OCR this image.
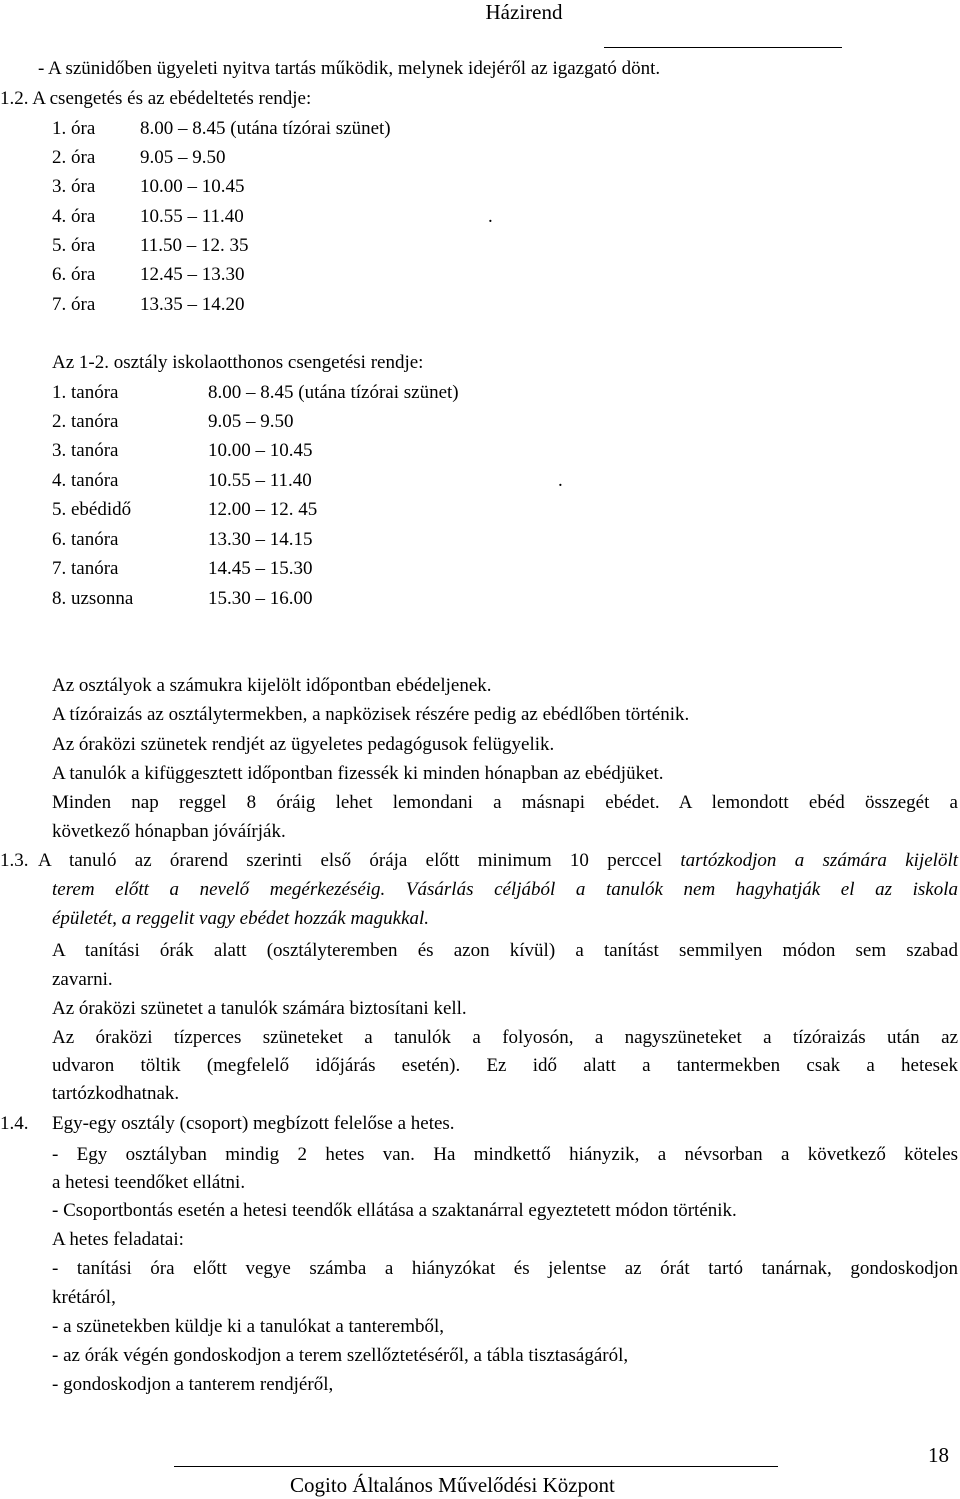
Házirend
- A szünidőben ügyeleti nyitva tartás működik, melynek idejéről az igazgató dönt.
1.2. A csengetés és az ebédeltetés rendje:
1. óra 8.00 – 8.45 (utána tízórai szünet)
2. óra 9.05 – 9.50
3. óra 10.00 – 10.45
4. óra 10.55 – 11.40	.
5. óra 11.50 – 12. 35
6. óra 12.45 – 13.30
7. óra 13.35 – 14.20
Az 1-2. osztály iskolaotthonos csengetési rendje:
1. tanóra	8.00 – 8.45 (utána tízórai szünet)
2. tanóra	9.05 – 9.50
3. tanóra	10.00 – 10.45
4. tanóra	10.55 – 11.40	.
5. ebédidő	12.00 – 12. 45
6. tanóra	13.30 – 14.15
7. tanóra	14.45 – 15.30
8. uzsonna	15.30 – 16.00
Az osztályok a számukra kijelölt időpontban ebédeljenek.
A tízóraizás az osztálytermekben, a napközisek részére pedig az ebédlőben történik.
Az óraközi szünetek rendjét az ügyeletes pedagógusok felügyelik.
A tanulók a kifüggesztett időpontban fizessék ki minden hónapban az ebédjüket.
Minden nap reggel 8 óráig lehet lemondani a másnapi ebédet. A lemondott ebéd összegét a
következő hónapban jóváírják.
1.3. A tanuló az órarend szerinti első órája előtt minimum 10 perccel tartózkodjon a számára kijelölt
terem előtt a nevelő megérkezéséig. Vásárlás céljából a tanulók nem hagyhatják el az iskola
épületét, a reggelit vagy ebédet hozzák magukkal.
A tanítási órák alatt (osztályteremben és azon kívül) a tanítást semmilyen módon sem szabad
zavarni.
Az óraközi szünetet a tanulók számára biztosítani kell.
Az óraközi tízperces szüneteket a tanulók a folyosón, a nagyszüneteket a tízóraizás után az
udvaron töltik (megfelelő időjárás esetén). Ez idő alatt a tantermekben csak a hetesek
tartózkodhatnak.
1.4. Egy-egy osztály (csoport) megbízott felelőse a hetes.
- Egy osztályban mindig 2 hetes van. Ha mindkettő hiányzik, a névsorban a következő köteles
a hetesi teendőket ellátni.
- Csoportbontás esetén a hetesi teendők ellátása a szaktanárral egyeztetett módon történik.
A hetes feladatai:
- tanítási óra előtt vegye számba a hiányzókat és jelentse az órát tartó tanárnak, gondoskodjon
krétáról,
- a szünetekben küldje ki a tanulókat a tanteremből,
- az órák végén gondoskodjon a terem szellőztetéséről, a tábla tisztaságáról,
- gondoskodjon a tanterem rendjéről,
Cogito Általános Művelődési Központ
18
